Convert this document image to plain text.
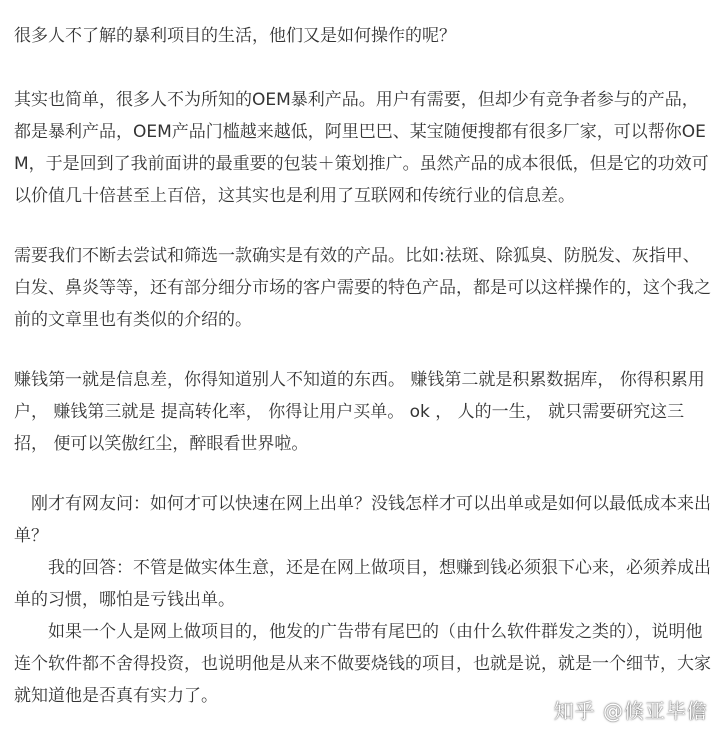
很多人不了解的暴利项目的生活，他们又是如何操作的呢？

其实也简单，很多人不为所知的OEM暴利产品。用户有需要，但却少有竞争者参与的产品，都是暴利产品，OEM产品门槛越来越低，阿里巴巴、某宝随便搜都有很多厂家，可以帮你OEM，于是回到了我前面讲的最重要的包装＋策划推广。虽然产品的成本很低，但是它的功效可以价值几十倍甚至上百倍，这其实也是利用了互联网和传统行业的信息差。

需要我们不断去尝试和筛选一款确实是有效的产品。比如:祛斑、除狐臭、防脱发、灰指甲、白发、鼻炎等等，还有部分细分市场的客户需要的特色产品，都是可以这样操作的，这个我之前的文章里也有类似的介绍的。

赚钱第一就是信息差，你得知道别人不知道的东西。 赚钱第二就是积累数据库， 你得积累用户， 赚钱第三就是 提高转化率， 你得让用户买单。 ok ， 人的一生， 就只需要研究这三招， 便可以笑傲红尘，醉眼看世界啦。

刚才有网友问：如何才可以快速在网上出单？没钱怎样才可以出单或是如何以最低成本来出单？

我的回答：不管是做实体生意，还是在网上做项目，想赚到钱必须狠下心来，必须养成出单的习惯，哪怕是亏钱出单。

如果一个人是网上做项目的，他发的广告带有尾巴的（由什么软件群发之类的），说明他连个软件都不舍得投资，也说明他是从来不做要烧钱的项目，也就是说，就是一个细节，大家就知道他是否真有实力了。

知乎 @倏亚毕儋
